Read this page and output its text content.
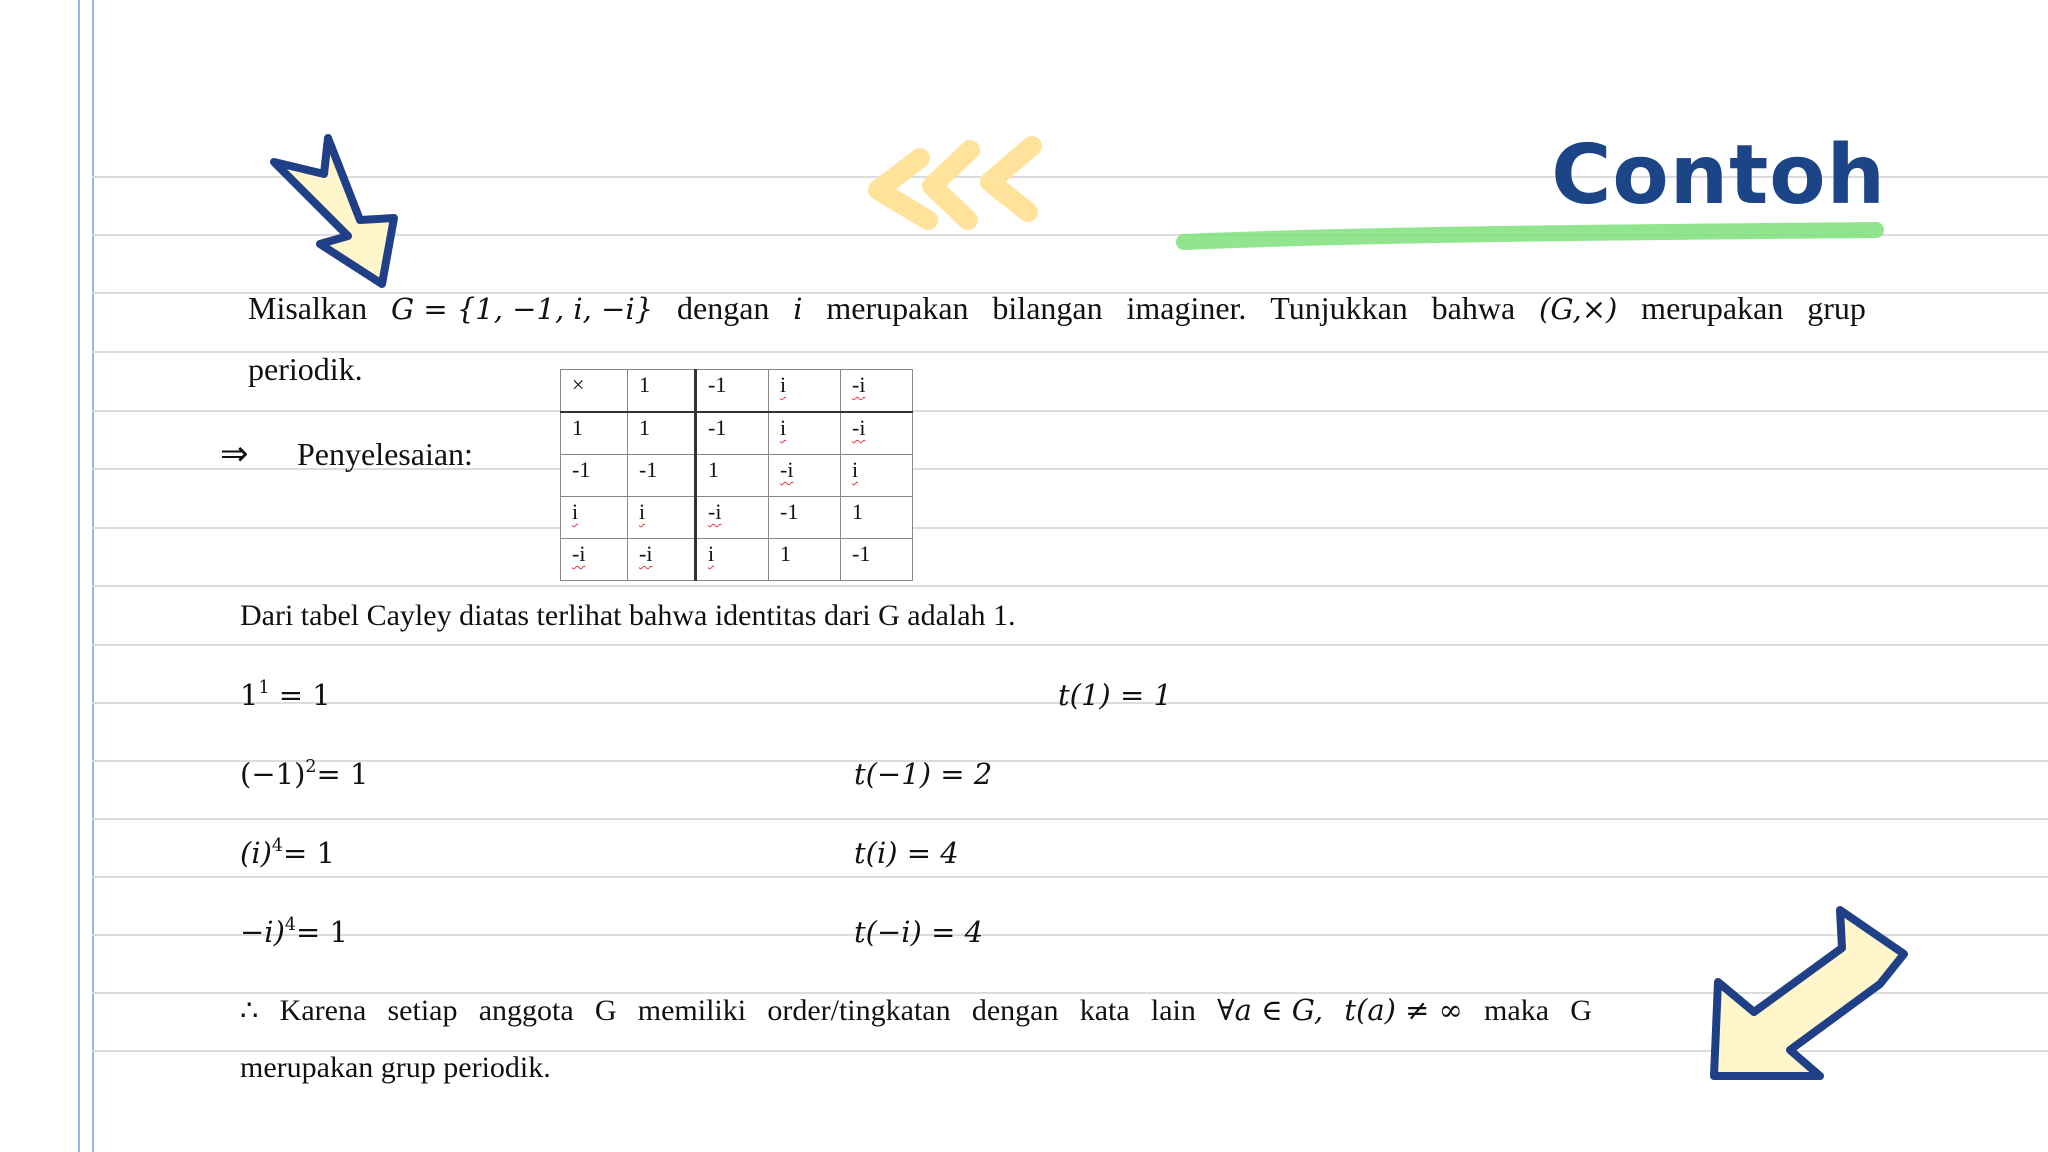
Contoh
Misalkan G = {1, −1, i, −i} dengan i merupakan bilangan imaginer. Tunjukkan bahwa (G,×) merupakan grup
periodik.
⇒ Penyelesaian:
×	1	-1	i	-i
1	1	-1	i	-i
-1	-1	1	-i	i
i	i	-i	-1	1
-i	-i	i	1	-1
Dari tabel Cayley diatas terlihat bahwa identitas dari G adalah 1.
$1^1 = 1$
$(-1)^2= 1$
$(i)^4= 1$
−i)$^4$= 1
t(1) = 1
t(−1) = 2
t(i) = 4
t(−i) = 4
∴ Karena setiap anggota G memiliki order/tingkatan dengan kata lain ∀a ∈ G, t(a) ≠ ∞ maka G
merupakan grup periodik.
